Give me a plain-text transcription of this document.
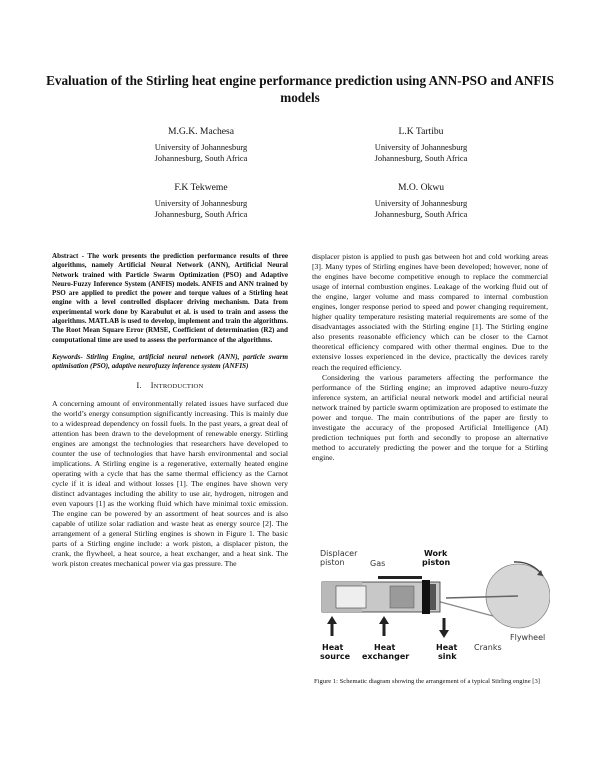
Evaluation of the Stirling heat engine performance prediction using ANN-PSO and ANFIS models
M.G.K. Machesa
University of Johannesburg
Johannesburg, South Africa
L.K Tartibu
University of Johannesburg
Johannesburg, South Africa
F.K Tekweme
University of Johannesburg
Johannesburg, South Africa
M.O. Okwu
University of Johannesburg
Johannesburg, South Africa

Abstract - The work presents the prediction performance results of three algorithms, namely Artificial Neural Network (ANN), Artificial Neural Network trained with Particle Swarm Optimization (PSO) and Adaptive Neuro-Fuzzy Inference System (ANFIS) models. ANFIS and ANN trained by PSO are applied to predict the power and torque values of a Stirling heat engine with a level controlled displacer driving mechanism. Data from experimental work done by Karabulut et al. is used to train and assess the algorithms. MATLAB is used to develop, implement and train the algorithms. The Root Mean Square Error (RMSE, Coefficient of determination (R2) and computational time are used to assess the performance of the algorithms.

Keywords- Stirling Engine, artificial neural network (ANN), particle swarm optimisation (PSO), adaptive neurofuzzy inference system (ANFIS)

I. INTRODUCTION

A concerning amount of environmentally related issues have surfaced due the world’s energy consumption significantly increasing. This is mainly due to a widespread dependency on fossil fuels. In the past years, a great deal of attention has been drawn to the development of renewable energy. Stirling engines are amongst the technologies that researchers have developed to counter the use of technologies that have harsh environmental and social implications. A Stirling engine is a regenerative, externally heated engine operating with a cycle that has the same thermal efficiency as the Carnot cycle if it is ideal and without losses [1]. The engines have shown very distinct advantages including the ability to use air, hydrogen, nitrogen and even vapours [1] as the working fluid which have minimal toxic emission. The engine can be powered by an assortment of heat sources and is also capable of utilize solar radiation and waste heat as energy source [2]. The arrangement of a general Stirling engines is shown in Figure 1. The basic parts of a Stirling engine include: a work piston, a displacer piston, the crank, the flywheel, a heat source, a heat exchanger, and a heat sink. The work piston creates mechanical power via gas pressure. The

displacer piston is applied to push gas between hot and cold working areas [3]. Many types of Stirling engines have been developed; however, none of the engines have become competitive enough to replace the commercial usage of internal combustion engines. Leakage of the working fluid out of the engine, larger volume and mass compared to internal combustion engines, longer response period to speed and power changing requirement, higher quality temperature resisting material requirements are some of the disadvantages associated with the Stirling engine [1]. The Stirling engine also presents reasonable efficiency which can be closer to the Carnot theoretical efficiency compared with other thermal engines. Due to the extensive losses experienced in the device, practically the devices rarely reach the required efficiency.

Considering the various parameters affecting the performance the performance of the Stirling engine; an improved adaptive neuro-fuzzy inference system, an artificial neural network model and artificial neural network trained by particle swarm optimization are proposed to estimate the power and torque. The main contributions of the paper are firstly to investigate the accuracy of the proposed Artificial Intelligence (AI) prediction techniques put forth and secondly to propose an alternative method to accurately predicting the power and the torque for a Stirling engine.

Displacer
piston	Gas
Work
piston
Heat
source
Heat
exchanger
Heat
sink
Cranks
Flywheel
Figure 1: Schematic diagram showing the arrangement of a typical Stirling engine [3]
